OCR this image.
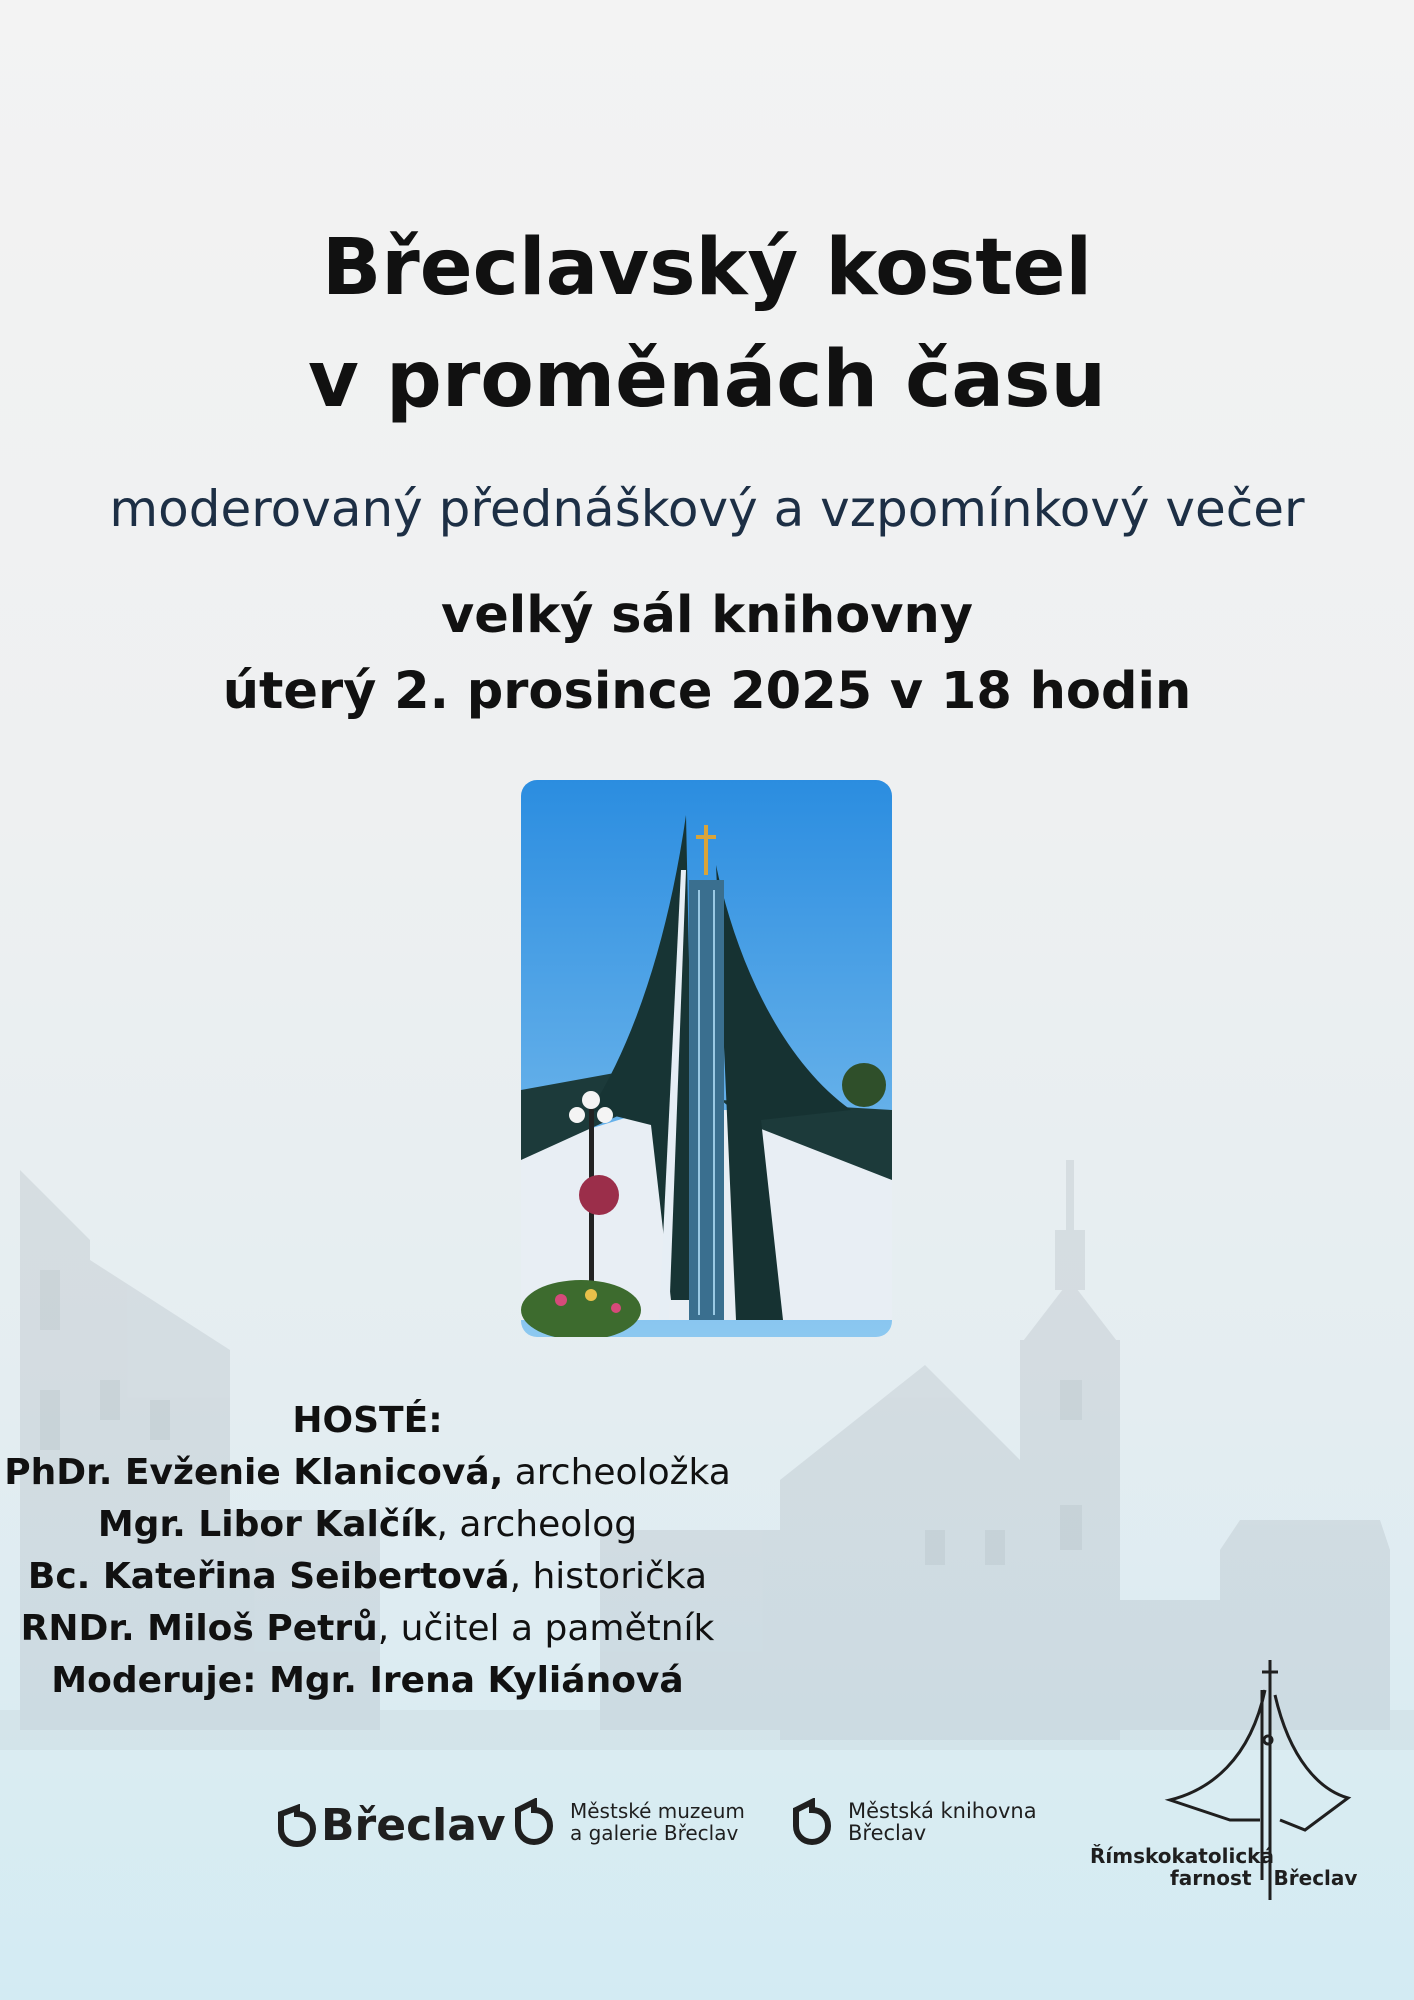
Břeclavský kostel
v proměnách času
moderovaný přednáškový a vzpomínkový večer
velký sál knihovny
úterý 2. prosince 2025 v 18 hodin
HOSTÉ:
PhDr. Evženie Klanicová, archeoložka
Mgr. Libor Kalčík, archeolog
Bc. Kateřina Seibertová, historička
RNDr. Miloš Petrů, učitel a pamětník
Moderuje: Mgr. Irena Kyliánová
Břeclav	Městské muzeum
a galerie Břeclav
Městská knihovna
Břeclav
Římskokatolická
farnost Břeclav
